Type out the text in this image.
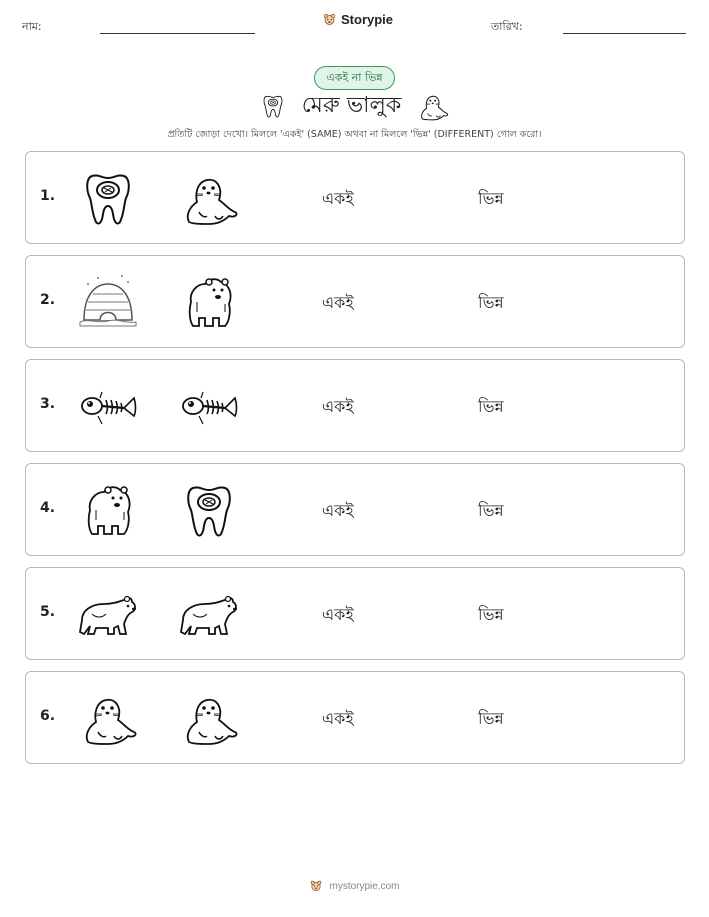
নাম:	Storypie	তারিখ:
একই না ভিন্ন
মেরু ভালুক
প্রতিটি জোড়া দেখো। মিললে 'একই' (SAME) অথবা না মিললে 'ভিন্ন' (DIFFERENT) গোল করো।
1.	একই	ভিন্ন
2.	একই	ভিন্ন
3.	একই	ভিন্ন
4.	একই	ভিন্ন
5.	একই	ভিন্ন
6.	একই	ভিন্ন
mystorypie.com
